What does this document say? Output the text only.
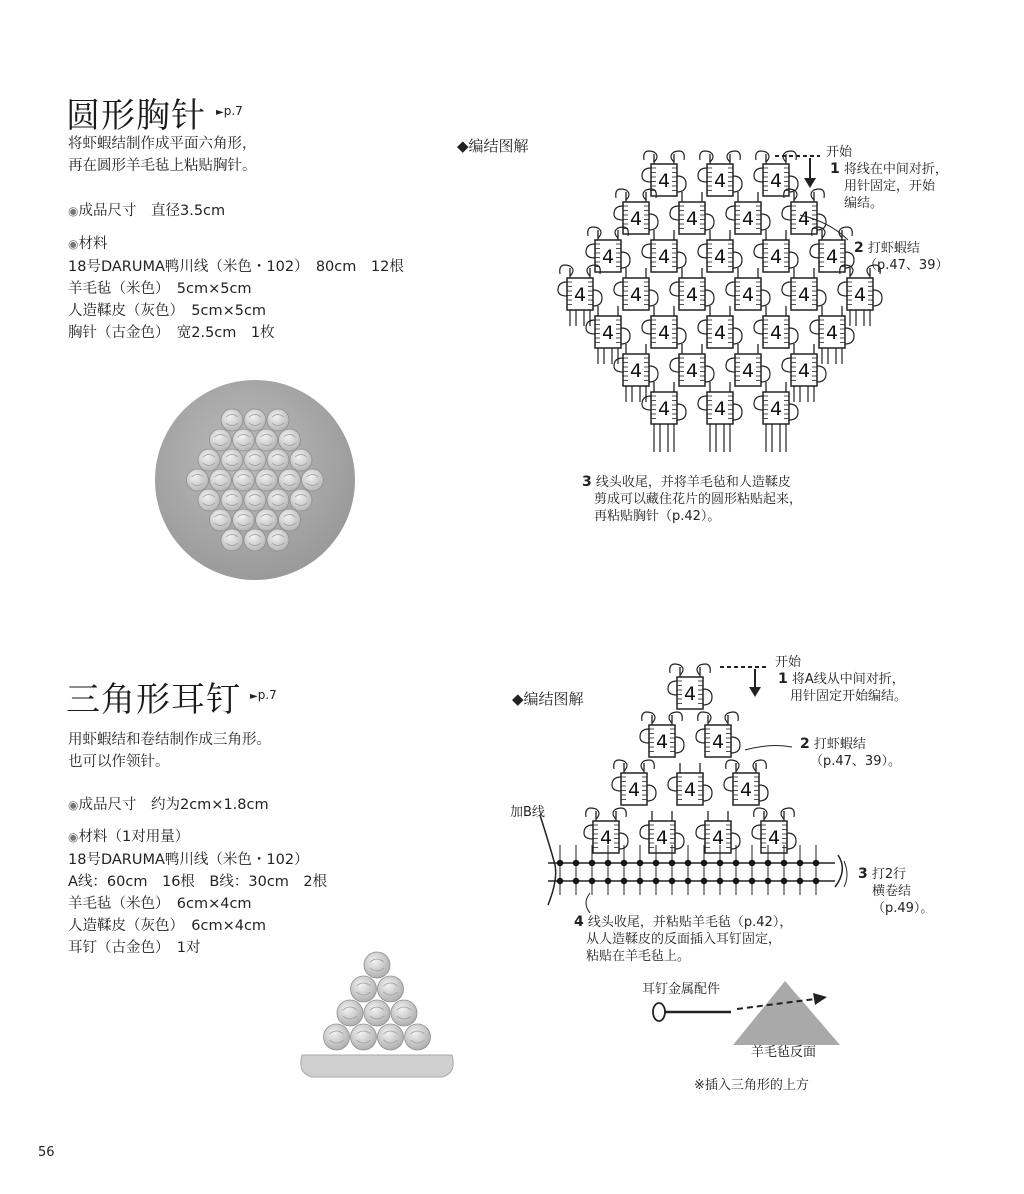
圆形胸针 ►p.7
将虾蝦结制作成平面六角形，
再在圆形羊毛毡上粘贴胸针。
◉成品尺寸　直径3.5cm
◉材料
18号DARUMA鸭川线（米色・102）　80cm　12根
羊毛毡（米色）　5cm×5cm
人造鞣皮（灰色）　5cm×5cm
胸针（古金色）　宽2.5cm　1枚
◆编结图解
4 4 4
4 4 4 4
4 4 4 4 4
4 4 4 4 4 4
4 4 4 4 4
4 4 4 4
4 4 4
开始
1 将线在中间对折，
用针固定，开始
编结。
2 打虾蝦结
（p.47、39）
3 线头收尾，并将羊毛毡和人造鞣皮
剪成可以藏住花片的圆形粘贴起来，
再粘贴胸针（p.42）。
三角形耳钉 ►p.7
用虾蝦结和卷结制作成三角形。
也可以作领针。
◉成品尺寸　约为2cm×1.8cm
◉材料（1对用量）
18号DARUMA鸭川线（米色・102）
A线：60cm　16根　B线：30cm　2根
羊毛毡（米色）　6cm×4cm
人造鞣皮（灰色）　6cm×4cm
耳钉（古金色）　1对
◆编结图解	4
4 4
4 4 4
4 4 4 4
开始
1 将A线从中间对折，
用针固定开始编结。
2 打虾蝦结
（p.47、39）。
加B线
3 打2行
横卷结
（p.49）。
4 线头收尾，并粘贴羊毛毡（p.42），
从人造鞣皮的反面插入耳钉固定，
粘贴在羊毛毡上。
耳钉金属配件
羊毛毡反面
※插入三角形的上方
56
